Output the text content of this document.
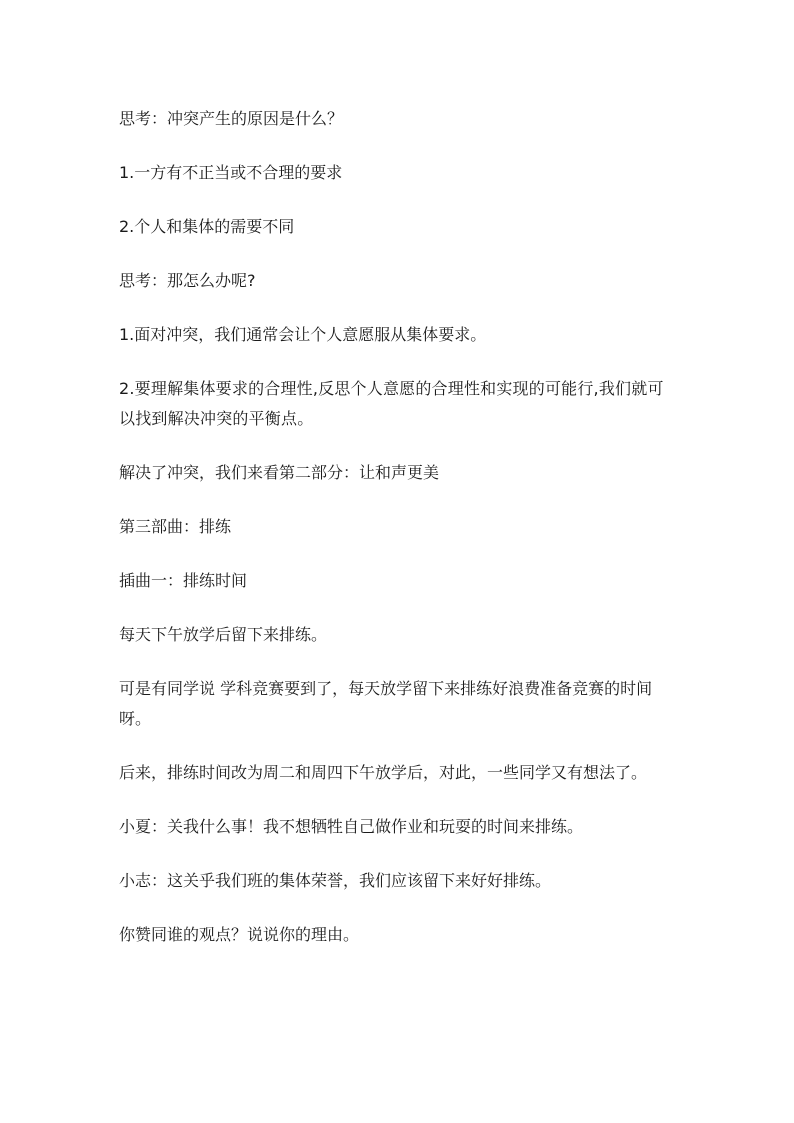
思考：冲突产生的原因是什么？

1.一方有不正当或不合理的要求

2.个人和集体的需要不同

思考：那怎么办呢?

1.面对冲突，我们通常会让个人意愿服从集体要求。

2.要理解集体要求的合理性,反思个人意愿的合理性和实现的可能行,我们就可以找到解决冲突的平衡点。

解决了冲突，我们来看第二部分：让和声更美

第三部曲：排练

插曲一：排练时间

每天下午放学后留下来排练。

可是有同学说 学科竞赛要到了，每天放学留下来排练好浪费准备竞赛的时间呀。

后来，排练时间改为周二和周四下午放学后，对此，一些同学又有想法了。

小夏：关我什么事！我不想牺牲自己做作业和玩耍的时间来排练。

小志：这关乎我们班的集体荣誉，我们应该留下来好好排练。

你赞同谁的观点？说说你的理由。
